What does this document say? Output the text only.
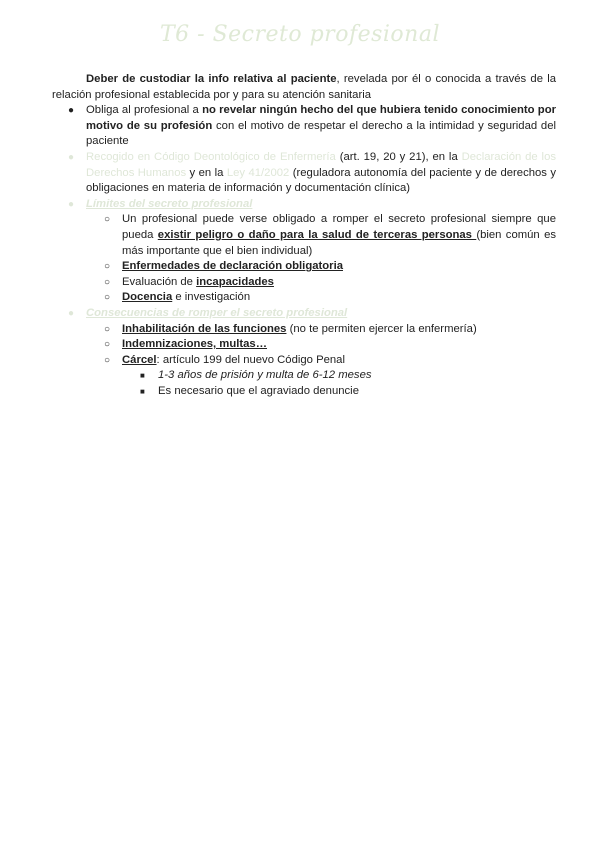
T6 - Secreto profesional

Deber de custodiar la info relativa al paciente, revelada por él o conocida a través de la relación profesional establecida por y para su atención sanitaria

● Obliga al profesional a no revelar ningún hecho del que hubiera tenido conocimiento por motivo de su profesión con el motivo de respetar el derecho a la intimidad y seguridad del paciente
● Recogido en Código Deontológico de Enfermería (art. 19, 20 y 21), en la Declaración de los Derechos Humanos y en la Ley 41/2002 (reguladora autonomía del paciente y de derechos y obligaciones en materia de información y documentación clínica)
● Límites del secreto profesional
○ Un profesional puede verse obligado a romper el secreto profesional siempre que pueda existir peligro o daño para la salud de terceras personas (bien común es más importante que el bien individual)
○ Enfermedades de declaración obligatoria
○ Evaluación de incapacidades
○ Docencia e investigación
● Consecuencias de romper el secreto profesional
○ Inhabilitación de las funciones (no te permiten ejercer la enfermería)
○ Indemnizaciones, multas…
○ Cárcel: artículo 199 del nuevo Código Penal
■ 1-3 años de prisión y multa de 6-12 meses
■ Es necesario que el agraviado denuncie
